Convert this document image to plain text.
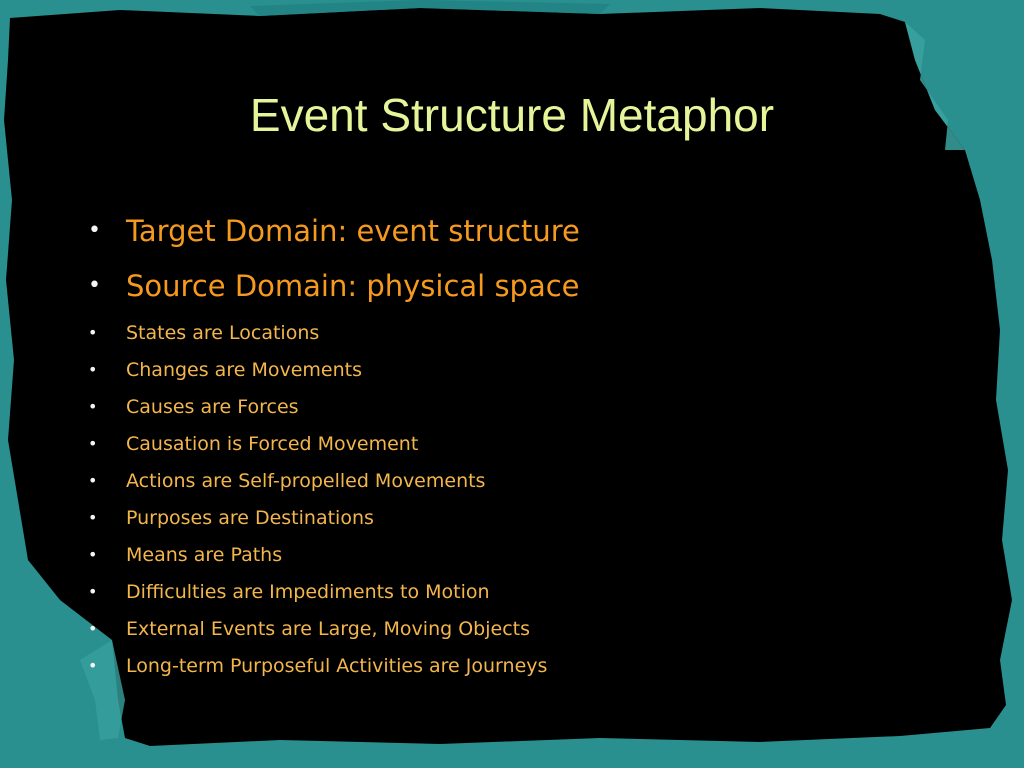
Event Structure Metaphor
• Target Domain: event structure
• Source Domain: physical space
• States are Locations
• Changes are Movements
• Causes are Forces
• Causation is Forced Movement
• Actions are Self-propelled Movements
• Purposes are Destinations
• Means are Paths
• Difficulties are Impediments to Motion
• External Events are Large, Moving Objects
• Long-term Purposeful Activities are Journeys
